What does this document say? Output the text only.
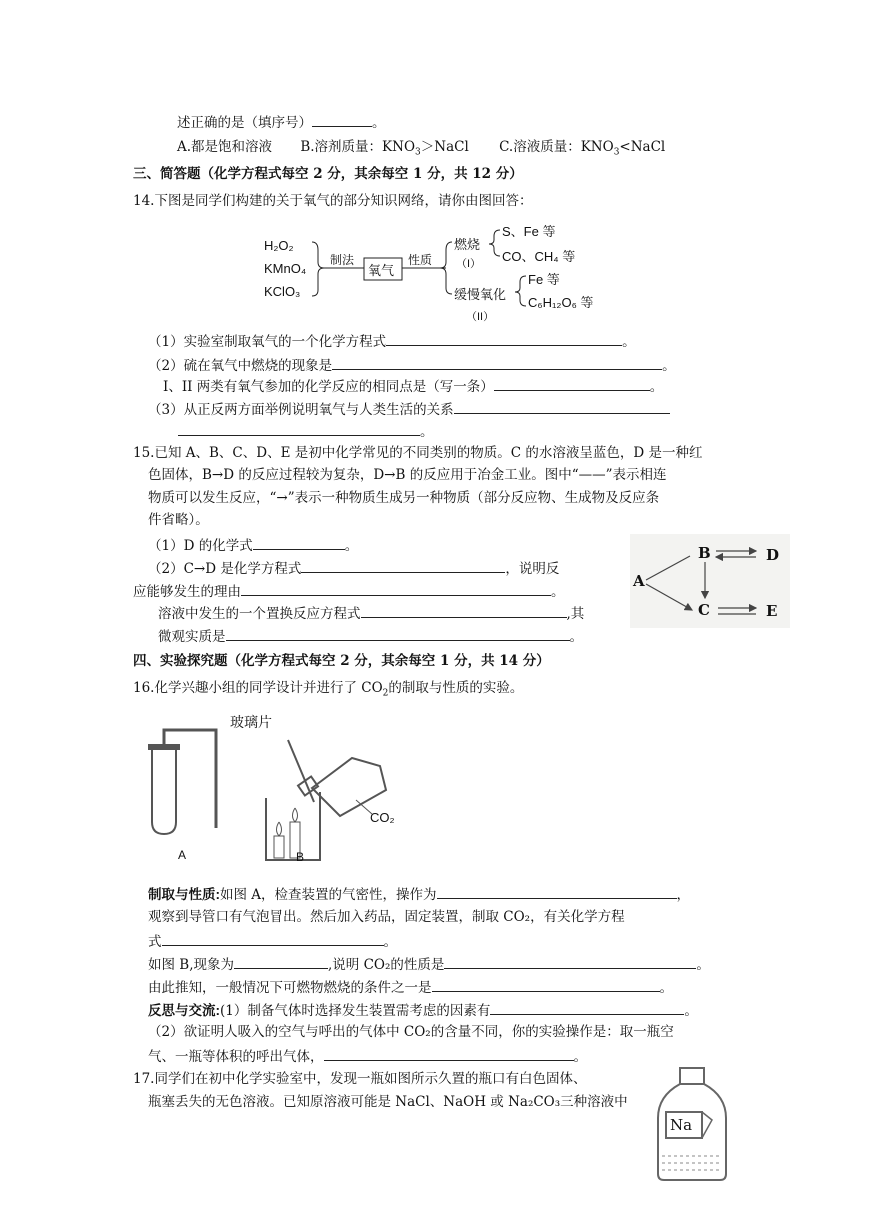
述正确的是（填序号）	。
A.都是饱和溶液 B.溶剂质量：$KNO_3>NaCl$ C.溶液质量：$KNO_3<NaCl$
三、简答题（化学方程式每空 2 分，其余每空 1 分，共 12 分）
14.下图是同学们构建的关于氧气的部分知识网络，请你由图回答：
H₂O₂
KMnO₄
KClO₃
制法
氧气
性质
燃烧
（I）
S、Fe 等
CO、CH₄ 等
缓慢氧化
（II）
Fe 等
C₆H₁₂O₆ 等
（1）实验室制取氧气的一个化学方程式	。
（2）硫在氧气中燃烧的现象是	。
I、II 两类有氧气参加的化学反应的相同点是（写一条）	。
（3）从正反两方面举例说明氧气与人类生活的关系
。
15.已知 A、B、C、D、E 是初中化学常见的不同类别的物质。C 的水溶液呈蓝色，D 是一种红
色固体，B→D 的反应过程较为复杂，D→B 的反应用于冶金工业。图中“——”表示相连
物质可以发生反应，“→”表示一种物质生成另一种物质（部分反应物、生成物及反应条
件省略）。
（1）D 的化学式	。
（2）C→D 是化学方程式	，说明反
应能够发生的理由	。
溶液中发生的一个置换反应方程式	,其
微观实质是	。
A
B	D
C	E
四、实验探究题（化学方程式每空 2 分，其余每空 1 分，共 14 分）
16.化学兴趣小组的同学设计并进行了 $CO_2$的制取与性质的实验。
玻璃片
CO₂
A	B
制取与性质:如图 A，检查装置的气密性，操作为	，
观察到导管口有气泡冒出。然后加入药品，固定装置，制取 CO₂，有关化学方程
式	。
如图 B,现象为	,说明 CO₂的性质是	。
由此推知，一般情况下可燃物燃烧的条件之一是	。
反思与交流:(1）制备气体时选择发生装置需考虑的因素有	。
（2）欲证明人吸入的空气与呼出的气体中 CO₂的含量不同，你的实验操作是：取一瓶空
气、一瓶等体积的呼出气体，	。
17.同学们在初中化学实验室中，发现一瓶如图所示久置的瓶口有白色固体、
瓶塞丢失的无色溶液。已知原溶液可能是 NaCl、NaOH 或 Na₂CO₃三种溶液中
Na
